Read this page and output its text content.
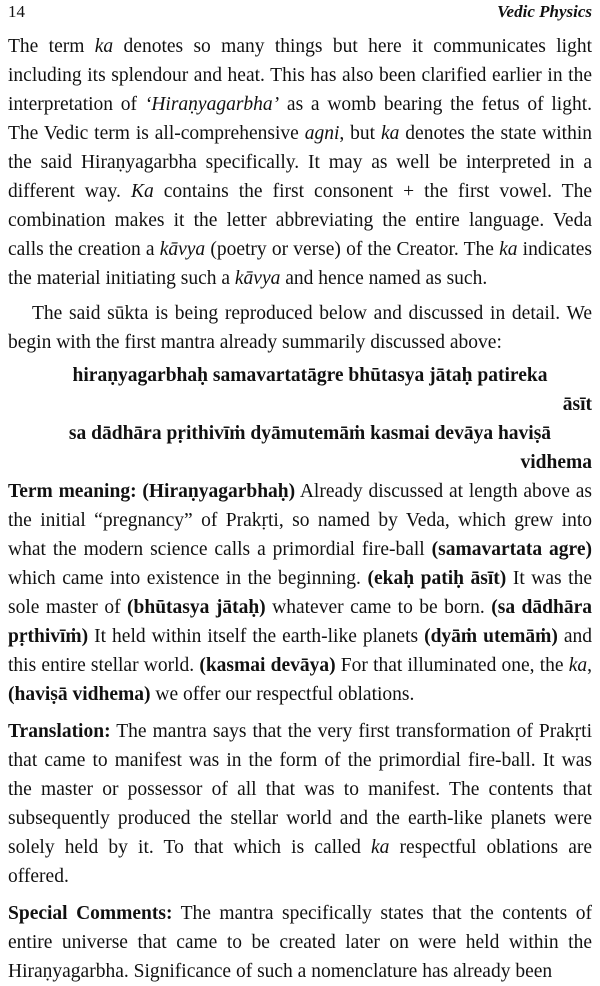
14	Vedic Physics

The term ka denotes so many things but here it communicates light including its splendour and heat. This has also been clarified earlier in the interpretation of ‘Hiraṇyagarbha’ as a womb bearing the fetus of light. The Vedic term is all-comprehensive agni, but ka denotes the state within the said Hiraṇyagarbha specifically. It may as well be interpreted in a different way. Ka contains the first consonent + the first vowel. The combination makes it the letter abbreviating the entire language. Veda calls the creation a kāvya (poetry or verse) of the Creator. The ka indicates the material initiating such a kāvya and hence named as such.

The said sūkta is being reproduced below and discussed in detail. We begin with the first mantra already summarily discussed above:

hiraṇyagarbhaḥ samavartatāgre bhūtasya jātaḥ patireka
āsīt
sa dādhāra pṛithivīṁ dyāmutemāṁ kasmai devāya haviṣā
vidhema

Term meaning: (Hiraṇyagarbhaḥ) Already discussed at length above as the initial “pregnancy” of Prakṛti, so named by Veda, which grew into what the modern science calls a primordial fire-ball (samavartata agre) which came into existence in the beginning. (ekaḥ patiḥ āsīt) It was the sole master of (bhūtasya jātaḥ) whatever came to be born. (sa dādhāra pṛthivīṁ) It held within itself the earth-like planets (dyāṁ utemāṁ) and this entire stellar world. (kasmai devāya) For that illuminated one, the ka, (haviṣā vidhema) we offer our respectful oblations.

Translation: The mantra says that the very first transformation of Prakṛti that came to manifest was in the form of the primordial fire-ball. It was the master or possessor of all that was to manifest. The contents that subsequently produced the stellar world and the earth-like planets were solely held by it. To that which is called ka respectful oblations are offered.

Special Comments: The mantra specifically states that the contents of entire universe that came to be created later on were held within the Hiraṇyagarbha. Significance of such a nomenclature has already been
